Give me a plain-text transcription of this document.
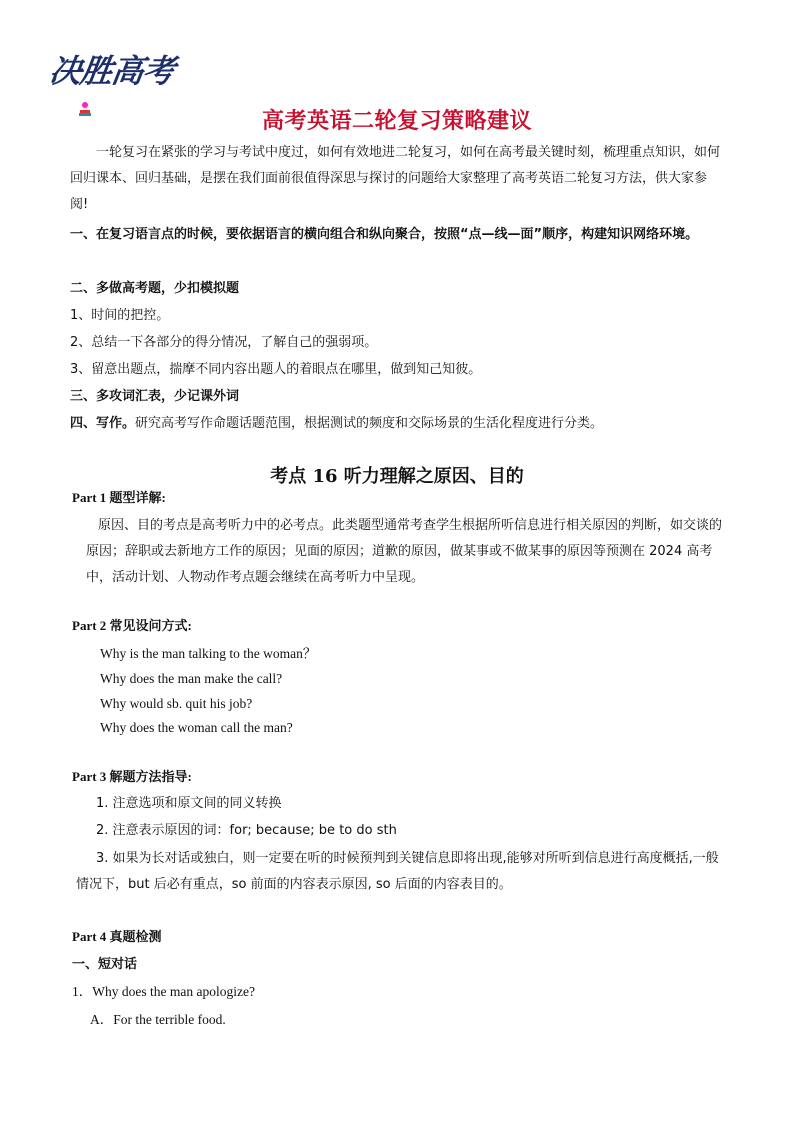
决胜高考
高考英语二轮复习策略建议

一轮复习在紧张的学习与考试中度过，如何有效地进二轮复习，如何在高考最关键时刻，梳理重点知识，如何回归课本、回归基础，是摆在我们面前很值得深思与探讨的问题给大家整理了高考英语二轮复习方法，供大家参阅!

一、在复习语言点的时候，要依据语言的横向组合和纵向聚合，按照“点—线—面”顺序，构建知识网络环境。

二、多做高考题，少扣模拟题

1、时间的把控。

2、总结一下各部分的得分情况，了解自己的强弱项。

3、留意出题点，揣摩不同内容出题人的着眼点在哪里，做到知己知彼。

三、多攻词汇表，少记课外词

四、写作。研究高考写作命题话题范围，根据测试的频度和交际场景的生活化程度进行分类。

考点 16 听力理解之原因、目的

Part 1 题型详解:

原因、目的考点是高考听力中的必考点。此类题型通常考查学生根据所听信息进行相关原因的判断，如交谈的原因；辞职或去新地方工作的原因；见面的原因；道歉的原因，做某事或不做某事的原因等预测在 2024 高考中，活动计划、人物动作考点题会继续在高考听力中呈现。

Part 2 常见设问方式:

Why is the man talking to the woman？

Why does the man make the call?

Why would sb. quit his job?

Why does the woman call the man?

Part 3 解题方法指导:

1. 注意选项和原文间的同义转换

2. 注意表示原因的词：for; because; be to do sth

3. 如果为长对话或独白，则一定要在听的时候预判到关键信息即将出现,能够对所听到信息进行高度概括,一般情况下，but 后必有重点，so 前面的内容表示原因, so 后面的内容表目的。

Part 4 真题检测

一、短对话

1．Why does the man apologize?

A．For the terrible food.
